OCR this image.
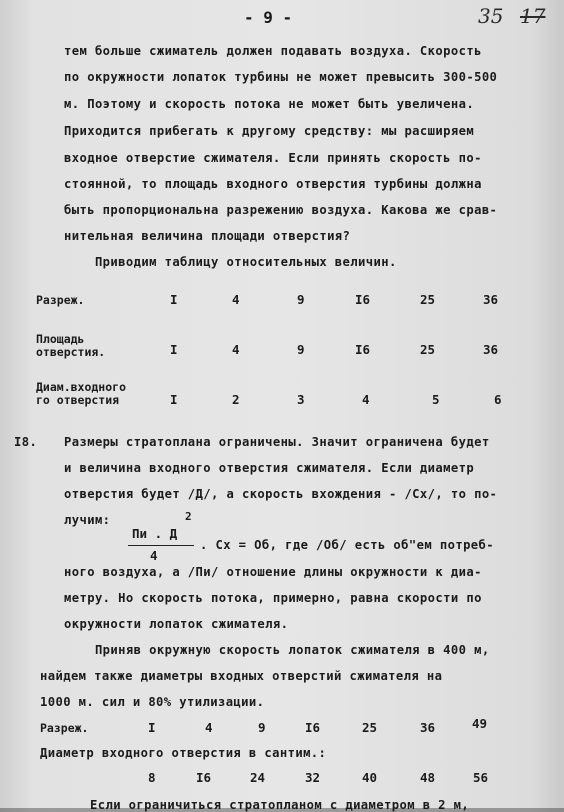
- 9 -	35 17
тем больше сжиматель должен подавать воздуха. Скорость
по окружности лопаток турбины не может превысить 300-500
м. Поэтому и скорость потока не может быть увеличена.
Приходится прибегать к другому средству: мы расширяем
входное отверстие сжимателя. Если принять скорость по-
стоянной, то площадь входного отверстия турбины должна
быть пропорциональна разрежению воздуха. Какова же срав-
нительная величина площади отверстия?
Приводим таблицу относительных величин.
Разреж.	I	4	9	I6	25	36
Площадь
отверстия.	I	4	9	I6	25	36
Диам.входного
го отверстия	I	2	3	4	5	6
I8. Размеры стратоплана ограничены. Значит ограничена будет
и величина входного отверстия сжимателя. Если диаметр
отверстия будет /Д/, а скорость вхождения - /Сх/, то по-
лучим:
Пи . Д
2
4
. Сх = Об, где /Об/ есть об"ем потреб-
ного воздуха, а /Пи/ отношение длины окружности к диа-
метру. Но скорость потока, примерно, равна скорости по
окружности лопаток сжимателя.
Приняв окружную скорость лопаток сжимателя в 400 м,
найдем также диаметры входных отверстий сжимателя на
1000 м. сил и 80% утилизации.
Разреж.	I	4	9	I6	25	36	49
Диаметр входного отверстия в сантим.:
8	I6	24	32	40	48	56
Если ограничиться стратопланом с диаметром в 2 м,
